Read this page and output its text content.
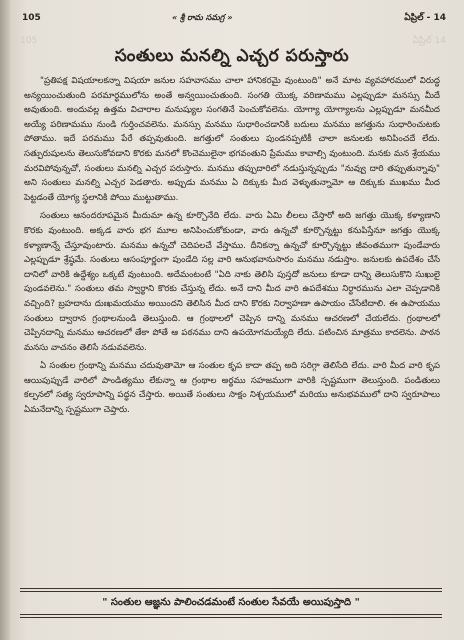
105	« శ్రీ రామ సమగ్ర »	ఏప్రిల్ - 14
105	ఏప్రిల్ 14
సంతులు మనల్ని ఎచ్చర పరుస్తారు

"ప్రతిపక్ష విషయాలకన్నా విషయా జనుల సహవాసము చాలా హానికరమై వుంటుంది" అనే మాట వ్యవహారములో విరుద్ధ అన్యయించుతుంది పరమార్ధములోను అంతే అన్వయించుతుంది. సంగతి యొక్క వరిణామము ఎల్లప్పుడూ మనస్సు మీదే అవుతుంది. అందువల్ల ఉత్తమ విచారాల మనుష్యుల సంగతినే పెంచుకోవలెను. యోగ్యా యోగ్యాలను ఎల్లప్పుడూ మనమీద అయ్యే పరిణామము నుండి గుర్తించవలెను. మనస్సు మనము సుధారించడానికి బదులు మనము జగత్తును సుధారించుటకు పోతాము. ఇదే పరమము పేరే తప్పవుతుంది. జగత్తులో సంతులు పుండనప్పటికీ చాలా జనులకు అనిపించదే లేదు. సత్పురుషులను తెలుసుకోవడాని కొరకు మనలో కొంచెములైనా భగవంతుని ప్రేమము కావాల్సి వుంటుంది. మనకు మన శ్రేయము మరవిపోవున్నచో, సంతులు మనల్ని ఎచ్చర పరుస్తారు. మనము తప్పుదారిలో నడుస్తున్నప్పుడు "నువ్వు దారి తప్పుతున్నావు" అని సంతులు మనల్ని ఎచ్చర పెడతారు. అప్పుడు మనము ఏ దిక్కుకు మీద వెళ్ళుతున్నామో ఆ దిక్కుకు ముఖము మీద పెట్టడంతే యోగ్య స్థలానికి పోయి ముట్టుతాము.

సంతులు ఆనందరూపమైన మీదుమా ఉన్న కూర్చొనేది లేదు. వారు ఏమి లీలలు చేస్తారో అది జగత్తు యొక్క కళ్యాణాని కొరకు వుంటుంది. అక్కడ వారు భగ మూల అనిపించుకోకుండా, వారు ఉన్నచో కూర్చొన్నట్టు కనుపిస్తేనూ జగత్తు యొక్క కళ్యాణాన్నే చేస్తూవుంటారు. మనము ఉన్నచో చెదిపలచే వేస్తాము. దీనికన్నా ఉన్నచో కూర్చొన్నట్టు జీవంతముగా పుండేవారు ఎల్లప్పుడూ శ్రేష్ఠమే. సంతులు ఆసంపూర్ణంగా పుండేది సల్ల వారి ఆనుభవానుసారం మనము నడుస్తాం. జనులకు ఉపదేశం చేసే దానిలో వారికి ఉద్దేశ్యం ఒక్కటే వుంటుంది. అదేమంటంటే "ఏది నాకు తెలిసి పుస్తదో జనులు కూడా దాన్ని తెలుసుకొని సుఖులై పుండవలెను." సంతులు తమ స్వార్థాని కొరకు చేస్తున్న లేదు. అనే దాని మీద వారి ఉపదేశము నిర్ధారమును ఎలా చెప్పడానికి వచ్చింది? బ్రహదాను దుఃఖమయము అయిందని తెలిసిన మీద దాని కొరకు నిర్వాహణా ఉపాయం చేసేటిదాలి. ఈ ఉపాయము సంతులు ద్వారాన గ్రంథాలనుండి తెలుస్తుంది. ఆ గ్రంథాలలో చెప్పిన దాన్ని మనము ఆచరణలో చేయలేదు. గ్రంథాలలో చెప్పినదాన్ని మనము ఆచరణలో తేకా పోతే ఆ పఠనము దాని ఉపయోగమయ్యేది లేదు. పటించిన మాత్రము కాదలెను. పాఠన మనసు వాచనం తెలిసే నడువవలెను.

ఏ సంతుల గ్రంథాన్ని మనము చదువుతామో ఆ సంతుల కృప కాదా తప్ప అది సరిగ్గా తెలిసేది లేదు. వారి మీద వారి కృప ఆయిపుప్పుడే వారిలో పాండిత్యము లేకున్నా ఆ గ్రంథాల అర్థము సహజముగా వారికి స్పష్టముగా తెలుస్తుంది. పండితులు కల్పనలో సత్య స్వరూపాన్ని పద్ధన చేస్తారు. అయితే సంతులు సాక్షం నిశ్చయములో మరియు అనుభవములో దాని స్వరూపాలు ఏమనేదాన్ని స్పష్టముగా చెప్తారు.

" సంతుల ఆజ్ఞను పాలించడమంటే సంతుల సేవయే అయిపుస్తాది "
